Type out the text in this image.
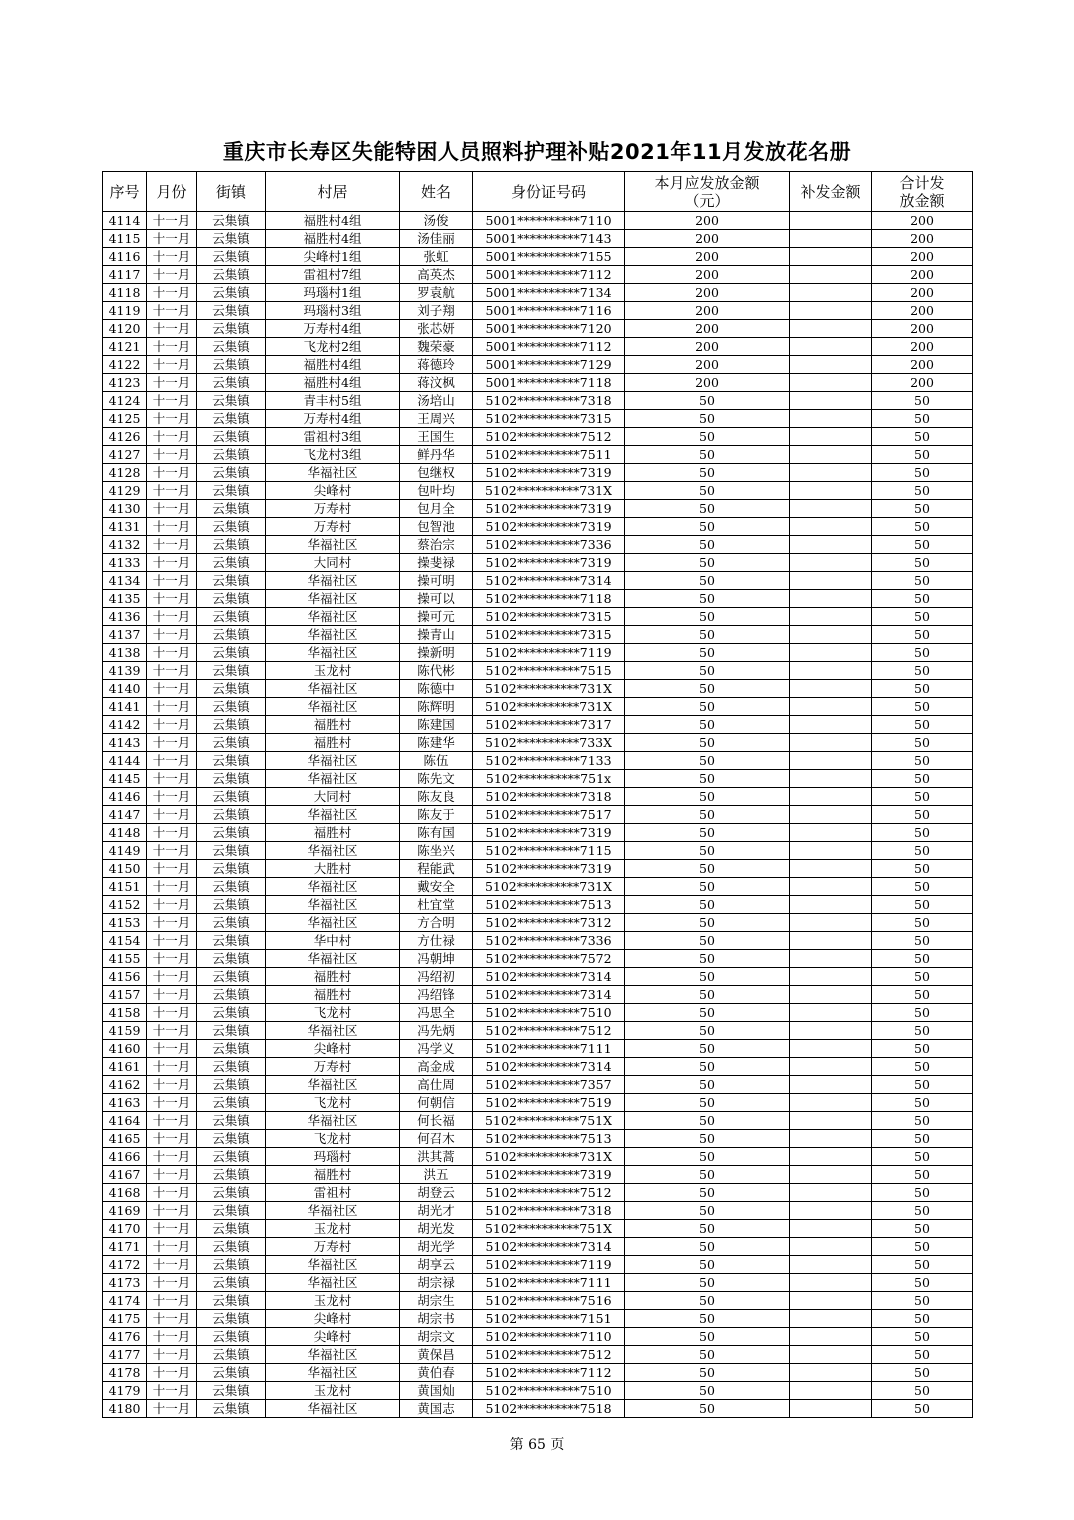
重庆市长寿区失能特困人员照料护理补贴2021年11月发放花名册
序号	月份	街镇	村居	姓名	身份证号码	本月应发放金额（元）	补发金额	合计发放金额
4114	十一月	云集镇	福胜村4组	汤俊	5001**********7110	200		200
4115	十一月	云集镇	福胜村4组	汤佳丽	5001**********7143	200		200
4116	十一月	云集镇	尖峰村1组	张虹	5001**********7155	200		200
4117	十一月	云集镇	雷祖村7组	高英杰	5001**********7112	200		200
4118	十一月	云集镇	玛瑙村1组	罗袁航	5001**********7134	200		200
4119	十一月	云集镇	玛瑙村3组	刘子翔	5001**********7116	200		200
4120	十一月	云集镇	万寿村4组	张芯妍	5001**********7120	200		200
4121	十一月	云集镇	飞龙村2组	魏荣豪	5001**********7112	200		200
4122	十一月	云集镇	福胜村4组	蒋德玲	5001**********7129	200		200
4123	十一月	云集镇	福胜村4组	蒋汶枫	5001**********7118	200		200
4124	十一月	云集镇	青丰村5组	汤培山	5102**********7318	50		50
4125	十一月	云集镇	万寿村4组	王周兴	5102**********7315	50		50
4126	十一月	云集镇	雷祖村3组	王国生	5102**********7512	50		50
4127	十一月	云集镇	飞龙村3组	鲜丹华	5102**********7511	50		50
4128	十一月	云集镇	华福社区	包继权	5102**********7319	50		50
4129	十一月	云集镇	尖峰村	包叶均	5102**********731X	50		50
4130	十一月	云集镇	万寿村	包月全	5102**********7319	50		50
4131	十一月	云集镇	万寿村	包智池	5102**********7319	50		50
4132	十一月	云集镇	华福社区	蔡治宗	5102**********7336	50		50
4133	十一月	云集镇	大同村	操斐禄	5102**********7319	50		50
4134	十一月	云集镇	华福社区	操可明	5102**********7314	50		50
4135	十一月	云集镇	华福社区	操可以	5102**********7118	50		50
4136	十一月	云集镇	华福社区	操可元	5102**********7315	50		50
4137	十一月	云集镇	华福社区	操青山	5102**********7315	50		50
4138	十一月	云集镇	华福社区	操新明	5102**********7119	50		50
4139	十一月	云集镇	玉龙村	陈代彬	5102**********7515	50		50
4140	十一月	云集镇	华福社区	陈德中	5102**********731X	50		50
4141	十一月	云集镇	华福社区	陈辉明	5102**********731X	50		50
4142	十一月	云集镇	福胜村	陈建国	5102**********7317	50		50
4143	十一月	云集镇	福胜村	陈建华	5102**********733X	50		50
4144	十一月	云集镇	华福社区	陈伍	5102**********7133	50		50
4145	十一月	云集镇	华福社区	陈先文	5102**********751x	50		50
4146	十一月	云集镇	大同村	陈友良	5102**********7318	50		50
4147	十一月	云集镇	华福社区	陈友于	5102**********7517	50		50
4148	十一月	云集镇	福胜村	陈有国	5102**********7319	50		50
4149	十一月	云集镇	华福社区	陈坐兴	5102**********7115	50		50
4150	十一月	云集镇	大胜村	程能武	5102**********7319	50		50
4151	十一月	云集镇	华福社区	戴安全	5102**********731X	50		50
4152	十一月	云集镇	华福社区	杜宜堂	5102**********7513	50		50
4153	十一月	云集镇	华福社区	方合明	5102**********7312	50		50
4154	十一月	云集镇	华中村	方仕禄	5102**********7336	50		50
4155	十一月	云集镇	华福社区	冯朝坤	5102**********7572	50		50
4156	十一月	云集镇	福胜村	冯绍初	5102**********7314	50		50
4157	十一月	云集镇	福胜村	冯绍锋	5102**********7314	50		50
4158	十一月	云集镇	飞龙村	冯思全	5102**********7510	50		50
4159	十一月	云集镇	华福社区	冯先炳	5102**********7512	50		50
4160	十一月	云集镇	尖峰村	冯学义	5102**********7111	50		50
4161	十一月	云集镇	万寿村	高金成	5102**********7314	50		50
4162	十一月	云集镇	华福社区	高仕周	5102**********7357	50		50
4163	十一月	云集镇	飞龙村	何朝信	5102**********7519	50		50
4164	十一月	云集镇	华福社区	何长福	5102**********751X	50		50
4165	十一月	云集镇	飞龙村	何召木	5102**********7513	50		50
4166	十一月	云集镇	玛瑙村	洪其蒿	5102**********731X	50		50
4167	十一月	云集镇	福胜村	洪五	5102**********7319	50		50
4168	十一月	云集镇	雷祖村	胡登云	5102**********7512	50		50
4169	十一月	云集镇	华福社区	胡光才	5102**********7318	50		50
4170	十一月	云集镇	玉龙村	胡光发	5102**********751X	50		50
4171	十一月	云集镇	万寿村	胡光学	5102**********7314	50		50
4172	十一月	云集镇	华福社区	胡享云	5102**********7119	50		50
4173	十一月	云集镇	华福社区	胡宗禄	5102**********7111	50		50
4174	十一月	云集镇	玉龙村	胡宗生	5102**********7516	50		50
4175	十一月	云集镇	尖峰村	胡宗书	5102**********7151	50		50
4176	十一月	云集镇	尖峰村	胡宗文	5102**********7110	50		50
4177	十一月	云集镇	华福社区	黄保昌	5102**********7512	50		50
4178	十一月	云集镇	华福社区	黄伯春	5102**********7112	50		50
4179	十一月	云集镇	玉龙村	黄国灿	5102**********7510	50		50
4180	十一月	云集镇	华福社区	黄国志	5102**********7518	50		50
第 65 页
